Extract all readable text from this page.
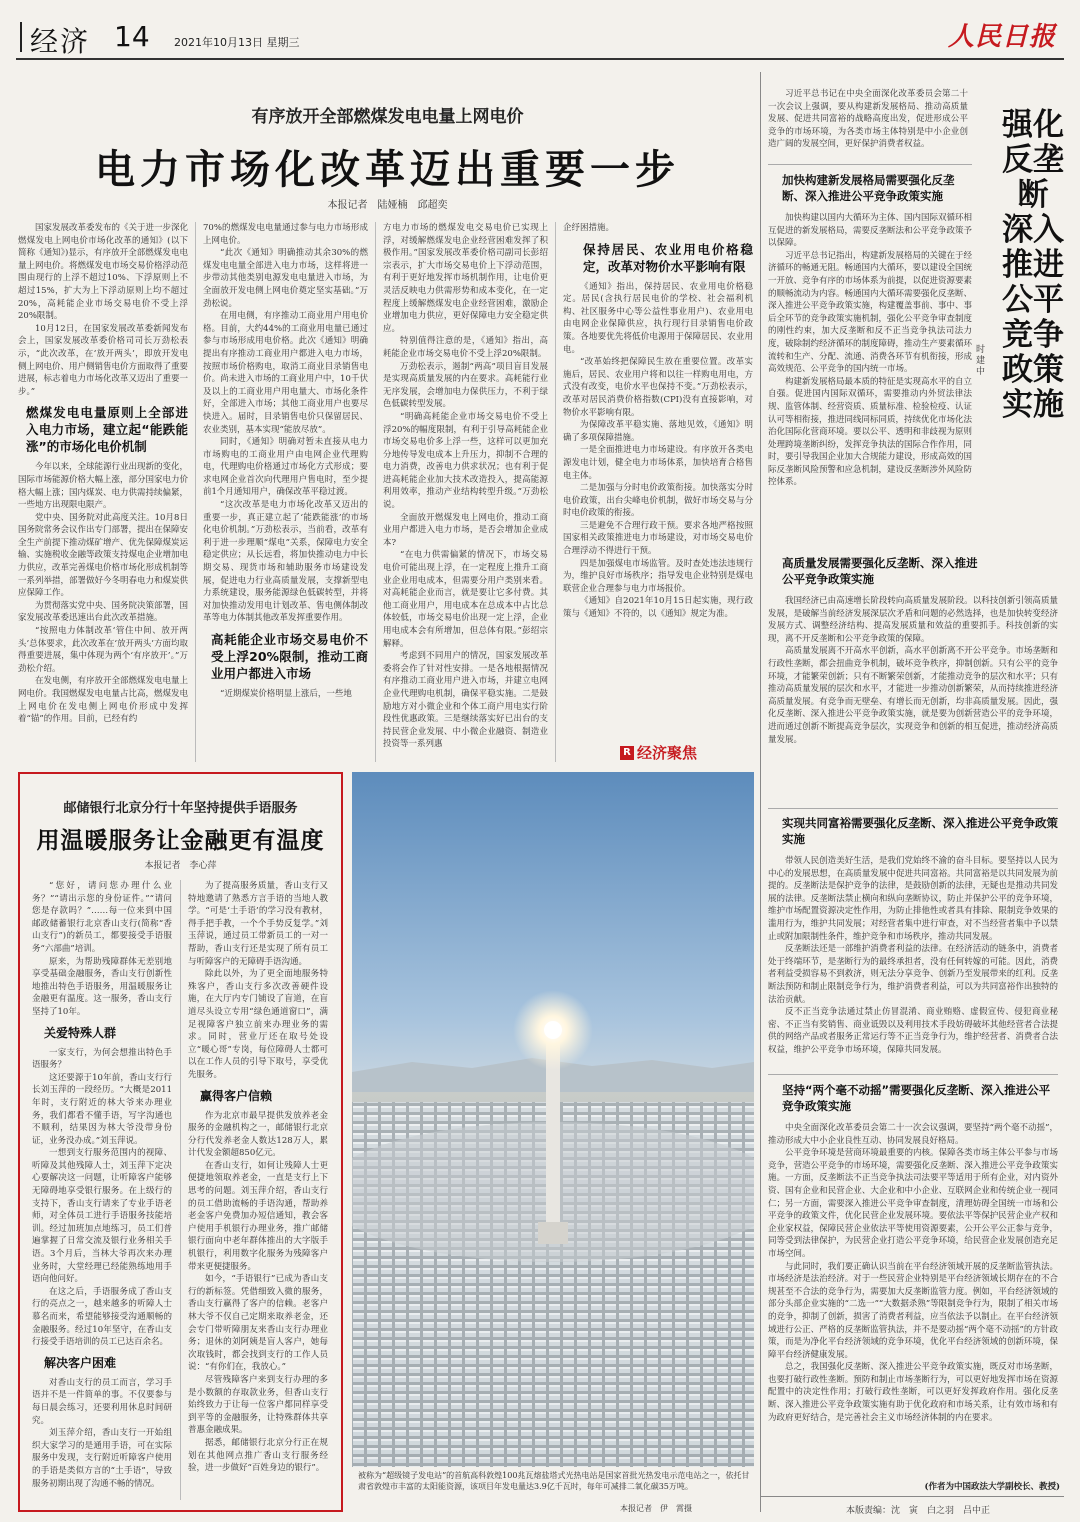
经济 14 2021年10月13日 星期三	人民日报
有序放开全部燃煤发电电量上网电价
电力市场化改革迈出重要一步
本报记者　陆娅楠　邱超奕

国家发展改革委发布的《关于进一步深化燃煤发电上网电价市场化改革的通知》(以下简称《通知》)显示，有序放开全部燃煤发电电量上网电价。将燃煤发电市场交易价格浮动范围由现行的上浮不超过10%、下浮原则上不超过15%，扩大为上下浮动原则上均不超过20%，高耗能企业市场交易电价不受上浮20%限制。

10月12日，在国家发展改革委新闻发布会上，国家发展改革委价格司司长万劲松表示，“此次改革，在‘放开两头’，即放开发电侧上网电价、用户侧销售电价方面取得了重要进展，标志着电力市场化改革又迈出了重要一步。”

燃煤发电电量原则上全部进入电力市场，建立起“能跌能涨”的市场化电价机制

今年以来，全球能源行业出现新的变化，国际市场能源价格大幅上涨，部分国家电力价格大幅上涨；国内煤炭、电力供需持续偏紧，一些地方出现限电限产。

党中央、国务院对此高度关注。10月8日国务院常务会议作出专门部署，提出在保障安全生产前提下推动煤矿增产、优先保障煤炭运输、实施税收金融等政策支持煤电企业增加电力供应，改革完善煤电价格市场化形成机制等一系列举措，部署做好今冬明春电力和煤炭供应保障工作。

为贯彻落实党中央、国务院决策部署，国家发展改革委迅速出台此次改革措施。

“按照电力体制改革‘管住中间、放开两头’总体要求，此次改革在‘放开两头’方面均取得重要进展，集中体现为两个‘有序放开’。”万劲松介绍。

在发电侧，有序放开全部燃煤发电电量上网电价。我国燃煤发电电量占比高，燃煤发电上网电价在发电侧上网电价形成中发挥着“锚”的作用。目前，已经有约

70%的燃煤发电电量通过参与电力市场形成上网电价。

“此次《通知》明确推动其余30%的燃煤发电电量全部进入电力市场，这样将进一步带动其他类别电源发电电量进入市场，为全面放开发电侧上网电价奠定坚实基础。”万劲松说。

在用电侧，有序推动工商业用户用电价格。目前，大约44%的工商业用电量已通过参与市场形成用电价格。此次《通知》明确提出有序推动工商业用户都进入电力市场，按照市场价格购电，取消工商业目录销售电价。尚未进入市场的工商业用户中，10千伏及以上的工商业用户用电量大、市场化条件好，全部进入市场；其他工商业用户也要尽快进入。届时，目录销售电价只保留居民、农业类别，基本实现“能放尽放”。

同时，《通知》明确对暂未直接从电力市场购电的工商业用户由电网企业代理购电，代理购电价格通过市场化方式形成；要求电网企业首次向代理用户售电时，至少提前1个月通知用户，确保改革平稳过渡。

“这次改革是电力市场化改革又迈出的重要一步，真正建立起了‘能跌能涨’的市场化电价机制。”万劲松表示，当前看，改革有利于进一步理顺“煤电”关系，保障电力安全稳定供应；从长远看，将加快推动电力中长期交易、现货市场和辅助服务市场建设发展，促进电力行业高质量发展，支撑新型电力系统建设，服务能源绿色低碳转型，并将对加快推动发用电计划改革、售电侧体制改革等电力体制其他改革发挥重要作用。

高耗能企业市场交易电价不受上浮20%限制，推动工商业用户都进入市场

“近期煤炭价格明显上涨后，一些地

方电力市场的燃煤发电交易电价已实现上浮，对缓解燃煤发电企业经营困难发挥了积极作用。”国家发展改革委价格司副司长彭绍宗表示，扩大市场交易电价上下浮动范围，有利于更好地发挥市场机制作用，让电价更灵活反映电力供需形势和成本变化，在一定程度上缓解燃煤发电企业经营困难，激励企业增加电力供应，更好保障电力安全稳定供应。

特别值得注意的是，《通知》指出，高耗能企业市场交易电价不受上浮20%限制。

万劲松表示，遏制“两高”项目盲目发展是实现高质量发展的内在要求。高耗能行业无序发展，会增加电力保供压力，不利于绿色低碳转型发展。

“明确高耗能企业市场交易电价不受上浮20%的幅度限制，有利于引导高耗能企业市场交易电价多上浮一些，这样可以更加充分地传导发电成本上升压力，抑制不合理的电力消费，改善电力供求状况；也有利于促进高耗能企业加大技术改造投入，提高能源利用效率，推动产业结构转型升级。”万劲松说。

全面放开燃煤发电上网电价，推动工商业用户都进入电力市场，是否会增加企业成本?

“在电力供需偏紧的情况下，市场交易电价可能出现上浮，在一定程度上推升工商业企业用电成本，但需要分用户类别来看。对高耗能企业而言，就是要让它多付费。其他工商业用户，用电成本在总成本中占比总体较低，市场交易电价出现一定上浮，企业用电成本会有所增加，但总体有限。”彭绍宗解释。

考虑到不同用户的情况，国家发展改革委将会作了针对性安排。一是各地根据情况有序推动工商业用户进入市场，并建立电网企业代理购电机制，确保平稳实施。二是鼓励地方对小微企业和个体工商户用电实行阶段性优惠政策。三是继续落实好已出台的支持民营企业发展、中小微企业融资、制造业投资等一系列惠

企纾困措施。

保持居民、农业用电价格稳定，改革对物价水平影响有限

《通知》指出，保持居民、农业用电价格稳定。居民(含执行居民电价的学校、社会福利机构、社区服务中心等公益性事业用户)、农业用电由电网企业保障供应，执行现行目录销售电价政策。各地要优先将低价电源用于保障居民、农业用电。

“改革始终把保障民生放在重要位置。改革实施后，居民、农业用户将和以往一样购电用电，方式没有改变，电价水平也保持不变。”万劲松表示，改革对居民消费价格指数(CPI)没有直接影响，对物价水平影响有限。

为保障改革平稳实施、落地见效，《通知》明确了多项保障措施。

一是全面推进电力市场建设。有序放开各类电源发电计划，健全电力市场体系，加快培育合格售电主体。

二是加强与分时电价政策衔接。加快落实分时电价政策，出台尖峰电价机制，做好市场交易与分时电价政策的衔接。

三是避免不合理行政干预。要求各地严格按照国家相关政策推进电力市场建设，对市场交易电价合理浮动不得进行干预。

四是加强煤电市场监管。及时查处违法违规行为，维护良好市场秩序；指导发电企业特别是煤电联营企业合理参与电力市场报价。

《通知》自2021年10月15日起实施，现行政策与《通知》不符的，以《通知》规定为准。

R 经济聚焦
邮储银行北京分行十年坚持提供手语服务
用温暖服务让金融更有温度
本报记者　李心萍

“您好，请问您办理什么业务？”“请出示您的身份证件。”“请问您是存款吗？”……每一位来到中国邮政储蓄银行北京香山支行(简称“香山支行”)的新员工，都要接受手语服务“六部曲”培训。

原来，为帮助残障群体无差别地享受基础金融服务，香山支行创新性地推出特色手语服务，用温暖服务让金融更有温度。这一服务，香山支行坚持了10年。

关爱特殊人群

一家支行，为何会想推出特色手语服务？

这还要源于10年前，香山支行行长刘玉萍的一段经历。“大概是2011年时，支行附近的林大爷来办理业务，我们都看不懂手语，写字沟通也不顺利，结果因为林大爷没带身份证，业务没办成。”刘玉萍说。

一想到支行服务范围内的视障、听障及其他残障人士，刘玉萍下定决心要解决这一问题，让听障客户能够无障碍地享受银行服务。在上级行的支持下，香山支行请来了专业手语老师，对全体员工进行手语服务技能培训。经过加班加点地练习，员工们普遍掌握了日常交流及银行业务相关手语。3个月后，当林大爷再次来办理业务时，大堂经理已经能熟练地用手语向他问好。

在这之后，手语服务成了香山支行的亮点之一，越来越多的听障人士慕名而来，希望能够接受沟通顺畅的金融服务。经过10年坚守，在香山支行接受手语培训的员工已达百余名。

解决客户困难

对香山支行的员工而言，学习手语并不是一件简单的事。不仅要参与每日晨会练习，还要利用休息时间研究。

刘玉萍介绍，香山支行一开始组织大家学习的是通用手语，可在实际服务中发现，支行附近听障客户使用的手语是类似方言的“土手语”，导致服务初期出现了沟通不畅的情况。

为了提高服务质量，香山支行又特地邀请了熟悉方言手语的当地人教学。“可是‘土手语’的学习没有教材，得手把手教，一个个手势反复学。”刘玉萍说，通过员工带新员工的一对一帮助，香山支行还是实现了所有员工与听障客户的无障碍手语沟通。

除此以外，为了更全面地服务特殊客户，香山支行多次改善硬件设施，在大厅内专门铺设了盲道，在盲道尽头设立专用“绿色通道窗口”，满足视障客户独立前来办理业务的需求。同时，营业厅还在取号处设立“暖心哥”专岗，每位障碍人士都可以在工作人员的引导下取号，享受优先服务。

赢得客户信赖

作为北京市最早提供发放养老金服务的金融机构之一，邮储银行北京分行代发养老金人数达128万人，累计代发金额超850亿元。

在香山支行，如何让残障人士更便捷地领取养老金，一直是支行上下思考的问题。刘玉萍介绍，香山支行的员工借助流畅的手语沟通，帮助养老金客户免费加办短信通知，教会客户使用手机银行办理业务，推广邮储银行面向中老年群体推出的大字版手机银行，利用数字化服务为残障客户带来更便捷服务。

如今，“手语银行”已成为香山支行的新标签。凭借细致入微的服务，香山支行赢得了客户的信赖。老客户林大爷不仅自己定期来取养老金，还会专门带听障朋友来香山支行办理业务；退休的刘阿姨是盲人客户，她每次取钱时，都会找到支行的工作人员说：“有你们在，我放心。”

尽管残障客户来到支行办理的多是小数额的存取款业务，但香山支行始终致力于让每一位客户都同样享受到平等的金融服务，让特殊群体共享普惠金融成果。

据悉，邮储银行北京分行正在规划在其他网点推广香山支行服务经验，进一步做好“百姓身边的银行”。

被称为“超级镜子发电站”的首航高科敦煌100兆瓦熔盐塔式光热电站是国家首批光热发电示范电站之一，依托甘肃省敦煌市丰富的太阳能资源，该项目年发电量达3.9亿千瓦时，每年可减排二氧化碳35万吨。
本报记者　伊　霄摄
强化反垄断　深入推进公平竞争政策实施
时建中

习近平总书记在中央全面深化改革委员会第二十一次会议上强调，要从构建新发展格局、推动高质量发展、促进共同富裕的战略高度出发，促进形成公平竞争的市场环境，为各类市场主体特别是中小企业创造广阔的发展空间，更好保护消费者权益。

加快构建新发展格局需要强化反垄断、深入推进公平竞争政策实施

加快构建以国内大循环为主体、国内国际双循环相互促进的新发展格局，需要反垄断法和公平竞争政策予以保障。

习近平总书记指出，构建新发展格局的关键在于经济循环的畅通无阻。畅通国内大循环，要以建设全国统一开放、竞争有序的市场体系为前提，以促进资源要素的顺畅流动为内容。畅通国内大循环需要强化反垄断、深入推进公平竞争政策实施，构建覆盖事前、事中、事后全环节的竞争政策实施机制，强化公平竞争审查制度的刚性约束，加大反垄断和反不正当竞争执法司法力度，破除制约经济循环的制度障碍，推动生产要素循环流转和生产、分配、流通、消费各环节有机衔接，形成高效规范、公平竞争的国内统一市场。

构建新发展格局最本质的特征是实现高水平的自立自强。促进国内国际双循环，需要推动内外贸法律法规、监管体制、经营资质、质量标准、检验检疫、认证认可等相衔接，推进同线同标同质，持续优化市场化法治化国际化营商环境。要以公平、透明和非歧视为原则处理跨境垄断纠纷，发挥竞争执法的国际合作作用，同时，要引导我国企业加大合规能力建设，形成高效的国际反垄断风险预警和应急机制，建设反垄断涉外风险防控体系。

高质量发展需要强化反垄断、深入推进公平竞争政策实施

我国经济已由高速增长阶段转向高质量发展阶段。以科技创新引领高质量发展，是破解当前经济发展深层次矛盾和问题的必然选择，也是加快转变经济发展方式、调整经济结构、提高发展质量和效益的重要抓手。科技创新的实现，离不开反垄断和公平竞争政策的保障。

高质量发展离不开高水平创新，高水平创新离不开公平竞争。市场垄断和行政性垄断，都会扭曲竞争机制，破坏竞争秩序，抑制创新。只有公平的竞争环境，才能繁荣创新；只有不断繁荣创新，才能推动竞争的层次和水平；只有推动高质量发展的层次和水平，才能进一步推动创新繁荣，从而持续推进经济高质量发展。有竞争而无壁垒、有增长而无创新，均非高质量发展。因此，强化反垄断、深入推进公平竞争政策实施，就是要为创新营造公平的竞争环境，进而通过创新不断提高竞争层次，实现竞争和创新的相互促进，推动经济高质量发展。

实现共同富裕需要强化反垄断、深入推进公平竞争政策实施

带领人民创造美好生活，是我们党始终不渝的奋斗目标。要坚持以人民为中心的发展思想，在高质量发展中促进共同富裕。共同富裕是以共同发展为前提的。反垄断法是保护竞争的法律，是鼓励创新的法律，无疑也是推动共同发展的法律。反垄断法禁止横向和纵向垄断协议，防止并保护公平的竞争环境，维护市场配置资源决定性作用，为防止排他性或者具有排除、限制竞争效果的滥用行为，维护共同发展；对经营者集中进行审查，对不当经营者集中予以禁止或附加限制性条件，维护竞争和市场秩序，推动共同发展。

反垄断法还是一部维护消费者利益的法律。在经济活动的链条中，消费者处于终端环节，是垄断行为的最终承担者，没有任何转嫁的可能。因此，消费者利益受损容易不到救济，则无法分享竞争、创新乃至发展带来的红利。反垄断法预防和制止限制竞争行为，维护消费者利益，可以为共同富裕作出独特的法治贡献。

反不正当竞争法通过禁止仿冒混淆、商业贿赂、虚假宣传、侵犯商业秘密、不正当有奖销售、商业诋毁以及利用技术手段妨碍破坏其他经营者合法提供的网络产品或者服务正常运行等不正当竞争行为，维护经营者、消费者合法权益，维护公平竞争市场环境，保障共同发展。

坚持“两个毫不动摇”需要强化反垄断、深入推进公平竞争政策实施

中央全面深化改革委员会第二十一次会议强调，要坚持“两个毫不动摇”，推动形成大中小企业良性互动、协同发展良好格局。

公平竞争环境是营商环境最重要的内核。保障各类市场主体公平参与市场竞争，营造公平竞争的市场环境，需要强化反垄断、深入推进公平竞争政策实施。一方面，反垄断法不正当竞争执法司法要平等适用于所有企业，对内资外资、国有企业和民营企业、大企业和中小企业、互联网企业和传统企业一视同仁；另一方面，需要深入推进公平竞争审查制度，清理妨碍全国统一市场和公平竞争的政策文件，优化民营企业发展环境。要依法平等保护民营企业产权和企业家权益，保障民营企业依法平等使用资源要素，公开公平公正参与竞争，同等受到法律保护，为民营企业打造公平竞争环境，给民营企业发展创造充足市场空间。

与此同时，我们要正确认识当前在平台经济领域开展的反垄断监管执法。市场经济是法治经济。对于一些民营企业特别是平台经济领域长期存在的不合规甚至不合法的竞争行为，需要加大反垄断监管力度。例如，平台经济领域的部分头部企业实施的“二选一”“大数据杀熟”等限制竞争行为，限制了相关市场的竞争，抑制了创新，损害了消费者利益，应当依法予以制止。在平台经济领域进行公正、严格的反垄断监管执法，并不是要动摇“两个毫不动摇”的方针政策，而是为净化平台经济领域的竞争环境，优化平台经济领域的创新环境，保障平台经济健康发展。

总之，我国强化反垄断、深入推进公平竞争政策实施，既反对市场垄断，也要打破行政性垄断。预防和制止市场垄断行为，可以更好地发挥市场在资源配置中的决定性作用；打破行政性垄断，可以更好发挥政府作用。强化反垄断、深入推进公平竞争政策实施有助于优化政府和市场关系，让有效市场和有为政府更好结合，是完善社会主义市场经济体制的内在要求。

(作者为中国政法大学副校长、教授)
本版责编：沈　寅　白之羽　吕中正
